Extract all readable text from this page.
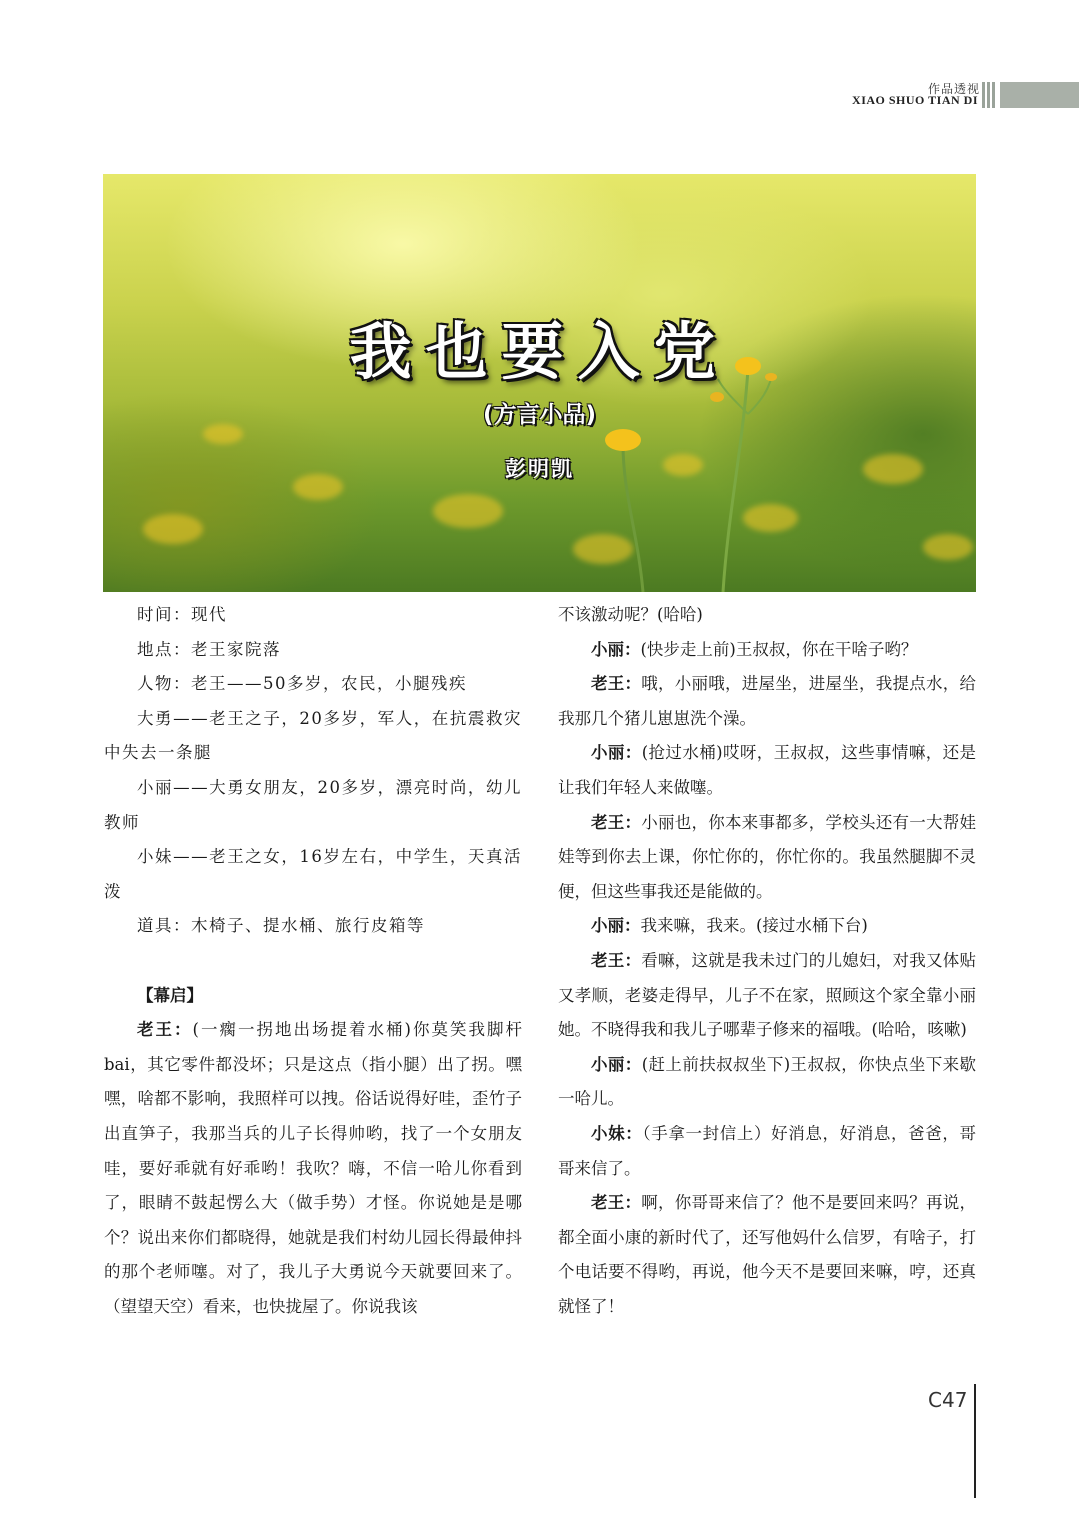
作品透视
XIAO SHUO TIAN DI
我也要入党
(方言小品)
彭明凯

时间：现代

地点：老王家院落

人物：老王——50多岁，农民，小腿残疾

大勇——老王之子，20多岁，军人，在抗震救灾中失去一条腿

小丽——大勇女朋友，20多岁，漂亮时尚，幼儿教师

小妹——老王之女，16岁左右，中学生，天真活泼

道具：木椅子、提水桶、旅行皮箱等

【幕启】

老王：(一瘸一拐地出场提着水桶)你莫笑我脚杆bai，其它零件都没坏；只是这点（指小腿）出了拐。嘿嘿，啥都不影响，我照样可以拽。俗话说得好哇，歪竹子出直笋子，我那当兵的儿子长得帅哟，找了一个女朋友哇，要好乖就有好乖哟！我吹？嗨，不信一哈儿你看到了，眼睛不鼓起愣么大（做手势）才怪。你说她是是哪个？说出来你们都晓得，她就是我们村幼儿园长得最伸抖的那个老师噻。对了，我儿子大勇说今天就要回来了。（望望天空）看来，也快拢屋了。你说我该

不该激动呢？(哈哈)

小丽：(快步走上前)王叔叔，你在干啥子哟？

老王：哦，小丽哦，进屋坐，进屋坐，我提点水，给我那几个猪儿崽崽洗个澡。

小丽：(抢过水桶)哎呀，王叔叔，这些事情嘛，还是让我们年轻人来做噻。

老王：小丽也，你本来事都多，学校头还有一大帮娃娃等到你去上课，你忙你的，你忙你的。我虽然腿脚不灵便，但这些事我还是能做的。

小丽：我来嘛，我来。(接过水桶下台)

老王：看嘛，这就是我未过门的儿媳妇，对我又体贴又孝顺，老婆走得早，儿子不在家，照顾这个家全靠小丽她。不晓得我和我儿子哪辈子修来的福哦。(哈哈，咳嗽)

小丽：(赶上前扶叔叔坐下)王叔叔，你快点坐下来歇一哈儿。

小妹：（手拿一封信上）好消息，好消息，爸爸，哥哥来信了。

老王：啊，你哥哥来信了？他不是要回来吗？再说，都全面小康的新时代了，还写他妈什么信罗，有啥子，打个电话要不得哟，再说，他今天不是要回来嘛，哼，还真就怪了！

C47
